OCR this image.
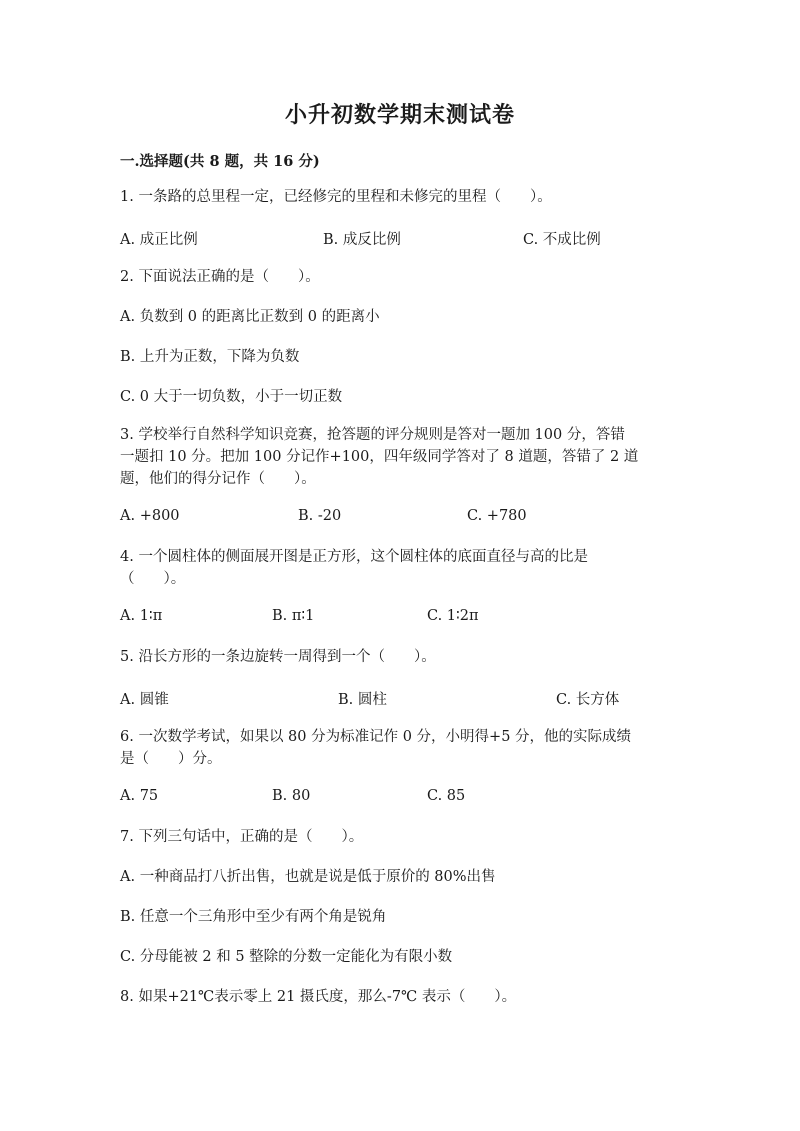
小升初数学期末测试卷
一.选择题(共 8 题，共 16 分)
1. 一条路的总里程一定，已经修完的里程和未修完的里程（　　）。
A. 成正比例	B. 成反比例	C. 不成比例
2. 下面说法正确的是（　　）。
A. 负数到 0 的距离比正数到 0 的距离小
B. 上升为正数，下降为负数
C. 0 大于一切负数，小于一切正数
3. 学校举行自然科学知识竞赛，抢答题的评分规则是答对一题加 100 分，答错
一题扣 10 分。把加 100 分记作+100，四年级同学答对了 8 道题，答错了 2 道
题，他们的得分记作（　　）。
A. +800	B. -20	C. +780
4. 一个圆柱体的侧面展开图是正方形，这个圆柱体的底面直径与高的比是
（　　）。
A. 1∶π	B. π∶1	C. 1∶2π
5. 沿长方形的一条边旋转一周得到一个（　　）。
A. 圆锥	B. 圆柱	C. 长方体
6. 一次数学考试，如果以 80 分为标准记作 0 分，小明得+5 分，他的实际成绩
是（　　）分。
A. 75	B. 80	C. 85
7. 下列三句话中，正确的是（　　）。
A. 一种商品打八折出售，也就是说是低于原价的 80%出售
B. 任意一个三角形中至少有两个角是锐角
C. 分母能被 2 和 5 整除的分数一定能化为有限小数
8. 如果+21℃表示零上 21 摄氏度，那么-7℃ 表示（　　）。
